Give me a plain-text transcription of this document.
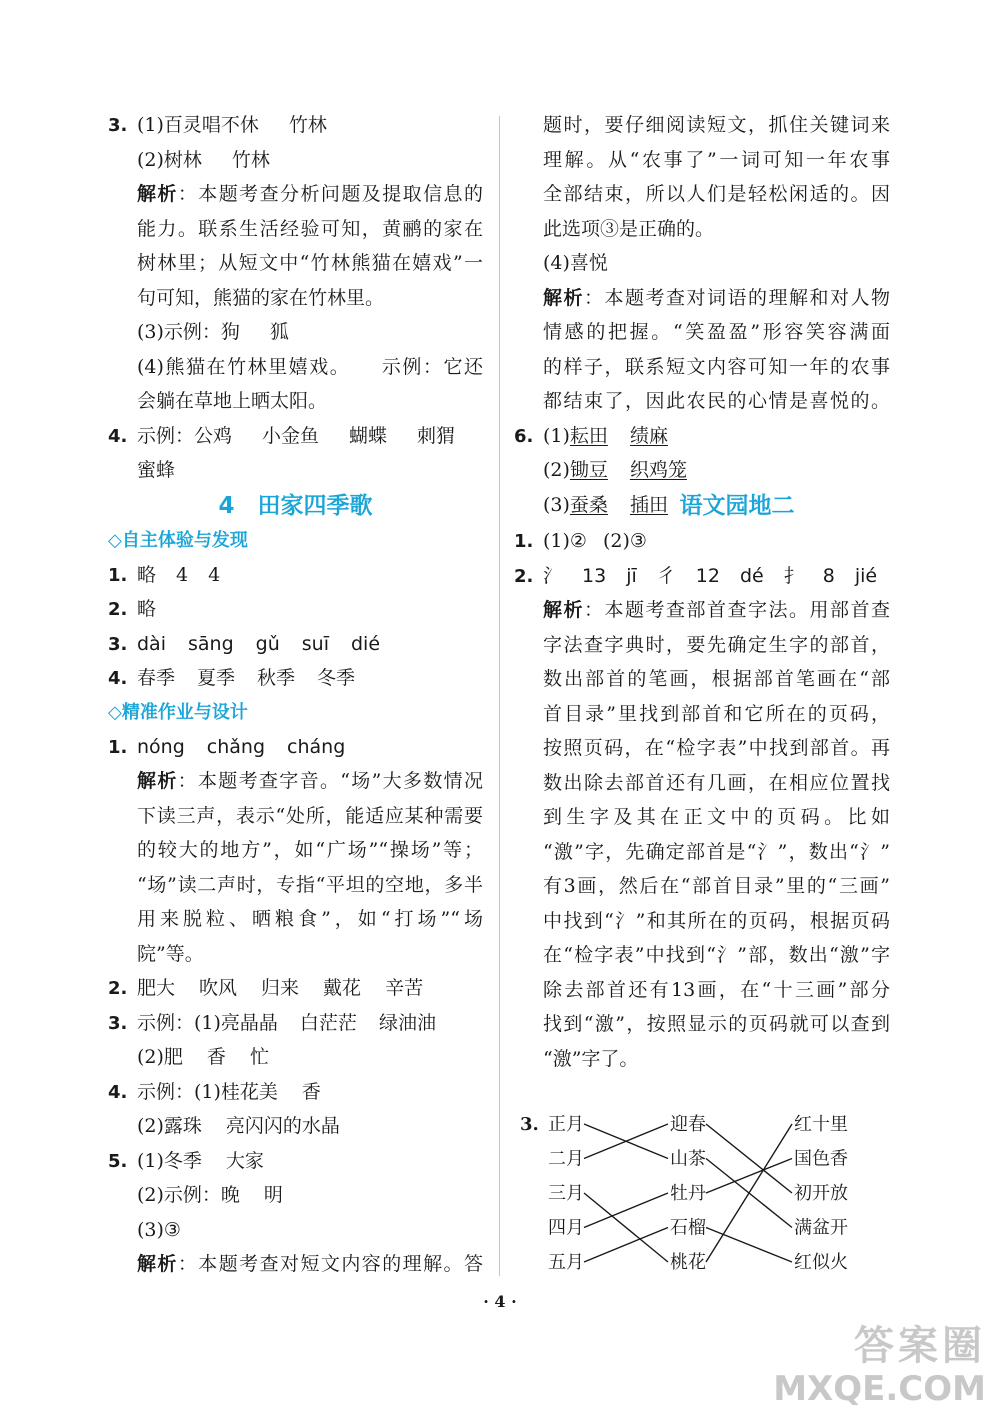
3. (1)百灵唱不休 竹林
(2)树林 竹林
解析：本题考查分析问题及提取信息的
能力。联系生活经验可知，黄鹂的家在
树林里；从短文中“竹林熊猫在嬉戏”一
句可知，熊猫的家在竹林里。
(3)示例：狗 狐
(4)熊猫在竹林里嬉戏。 示例：它还
会躺在草地上晒太阳。
4. 示例：公鸡 小金鱼 蝴蝶 刺猬
蜜蜂
4　田家四季歌
◇自主体验与发现
1. 略 4 4
2. 略
3. dài sāng gǔ suī dié
4. 春季 夏季 秋季 冬季
◇精准作业与设计
1. nóng chǎng cháng
解析：本题考查字音。“场”大多数情况
下读三声，表示“处所，能适应某种需要
的较大的地方”，如“广场”“操场”等；
“场”读二声时，专指“平坦的空地，多半
用来脱粒、晒粮食”，如“打场”“场
院”等。
2. 肥大 吹风 归来 戴花 辛苦
3. 示例：(1)亮晶晶 白茫茫 绿油油
(2)肥 香 忙
4. 示例：(1)桂花美 香
(2)露珠 亮闪闪的水晶
5. (1)冬季 大家
(2)示例：晚 明
(3)③
解析：本题考查对短文内容的理解。答
题时，要仔细阅读短文，抓住关键词来
理解。从“农事了”一词可知一年农事
全部结束，所以人们是轻松闲适的。因
此选项③是正确的。
(4)喜悦
解析：本题考查对词语的理解和对人物
情感的把握。“笑盈盈”形容笑容满面
的样子，联系短文内容可知一年的农事
都结束了，因此农民的心情是喜悦的。
6. (1)耘田 绩麻
(2)锄豆 织鸡笼
(3)蚕桑 插田 语文园地二
1. (1)② (2)③
2. 氵 13 jī 彳 12 dé 扌 8 jié
解析：本题考查部首查字法。用部首查
字法查字典时，要先确定生字的部首，
数出部首的笔画，根据部首笔画在“部
首目录”里找到部首和它所在的页码，
按照页码，在“检字表”中找到部首。再
数出除去部首还有几画，在相应位置找
到生字及其在正文中的页码。比如
“激”字，先确定部首是“氵”，数出“氵”
有3画，然后在“部首目录”里的“三画”
中找到“氵”和其所在的页码，根据页码
在“检字表”中找到“氵”部，数出“激”字
除去部首还有13画，在“十三画”部分
找到“激”，按照显示的页码就可以查到
“激”字了。
3. 正月
二月
三月
四月
五月
迎春
山茶
牡丹
石榴
桃花
红十里
国色香
初开放
满盆开
红似火
· 4 ·
答案圈
MXQE.COM
